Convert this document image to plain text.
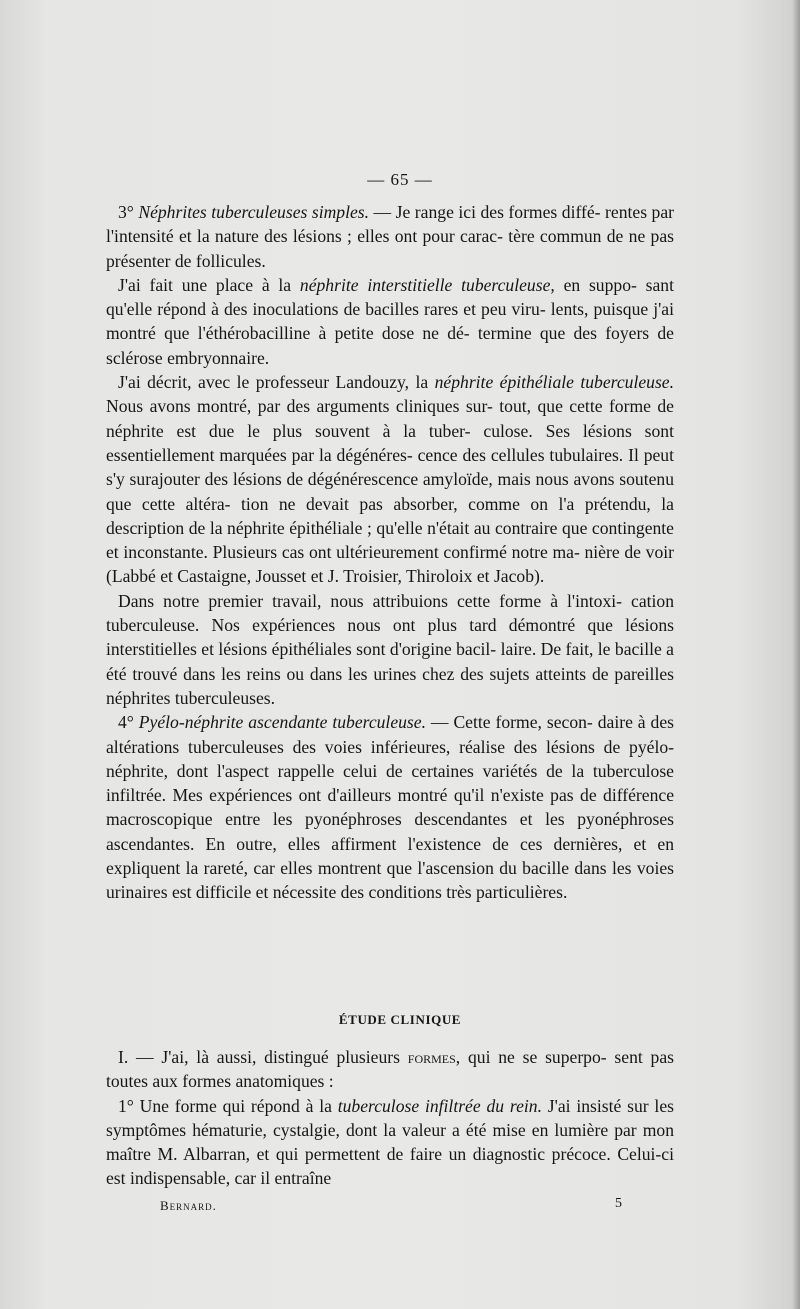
— 65 —

3° Néphrites tuberculeuses simples. — Je range ici des formes diffé- rentes par l'intensité et la nature des lésions ; elles ont pour carac- tère commun de ne pas présenter de follicules.

J'ai fait une place à la néphrite interstitielle tuberculeuse, en suppo- sant qu'elle répond à des inoculations de bacilles rares et peu viru- lents, puisque j'ai montré que l'éthérobacilline à petite dose ne dé- termine que des foyers de sclérose embryonnaire.

J'ai décrit, avec le professeur Landouzy, la néphrite épithéliale tuberculeuse. Nous avons montré, par des arguments cliniques sur- tout, que cette forme de néphrite est due le plus souvent à la tuber- culose. Ses lésions sont essentiellement marquées par la dégénéres- cence des cellules tubulaires. Il peut s'y surajouter des lésions de dégénérescence amyloïde, mais nous avons soutenu que cette altéra- tion ne devait pas absorber, comme on l'a prétendu, la description de la néphrite épithéliale ; qu'elle n'était au contraire que contingente et inconstante. Plusieurs cas ont ultérieurement confirmé notre ma- nière de voir (Labbé et Castaigne, Jousset et J. Troisier, Thiroloix et Jacob).

Dans notre premier travail, nous attribuions cette forme à l'intoxi- cation tuberculeuse. Nos expériences nous ont plus tard démontré que lésions interstitielles et lésions épithéliales sont d'origine bacil- laire. De fait, le bacille a été trouvé dans les reins ou dans les urines chez des sujets atteints de pareilles néphrites tuberculeuses.

4° Pyélo-néphrite ascendante tuberculeuse. — Cette forme, secon- daire à des altérations tuberculeuses des voies inférieures, réalise des lésions de pyélo-néphrite, dont l'aspect rappelle celui de certaines variétés de la tuberculose infiltrée. Mes expériences ont d'ailleurs montré qu'il n'existe pas de différence macroscopique entre les pyonéphroses descendantes et les pyonéphroses ascendantes. En outre, elles affirment l'existence de ces dernières, et en expliquent la rareté, car elles montrent que l'ascension du bacille dans les voies urinaires est difficile et nécessite des conditions très particulières.

ÉTUDE CLINIQUE

I. — J'ai, là aussi, distingué plusieurs formes, qui ne se superpo- sent pas toutes aux formes anatomiques :

1° Une forme qui répond à la tuberculose infiltrée du rein. J'ai insisté sur les symptômes hématurie, cystalgie, dont la valeur a été mise en lumière par mon maître M. Albarran, et qui permettent de faire un diagnostic précoce. Celui-ci est indispensable, car il entraîne

Bernard.	5
